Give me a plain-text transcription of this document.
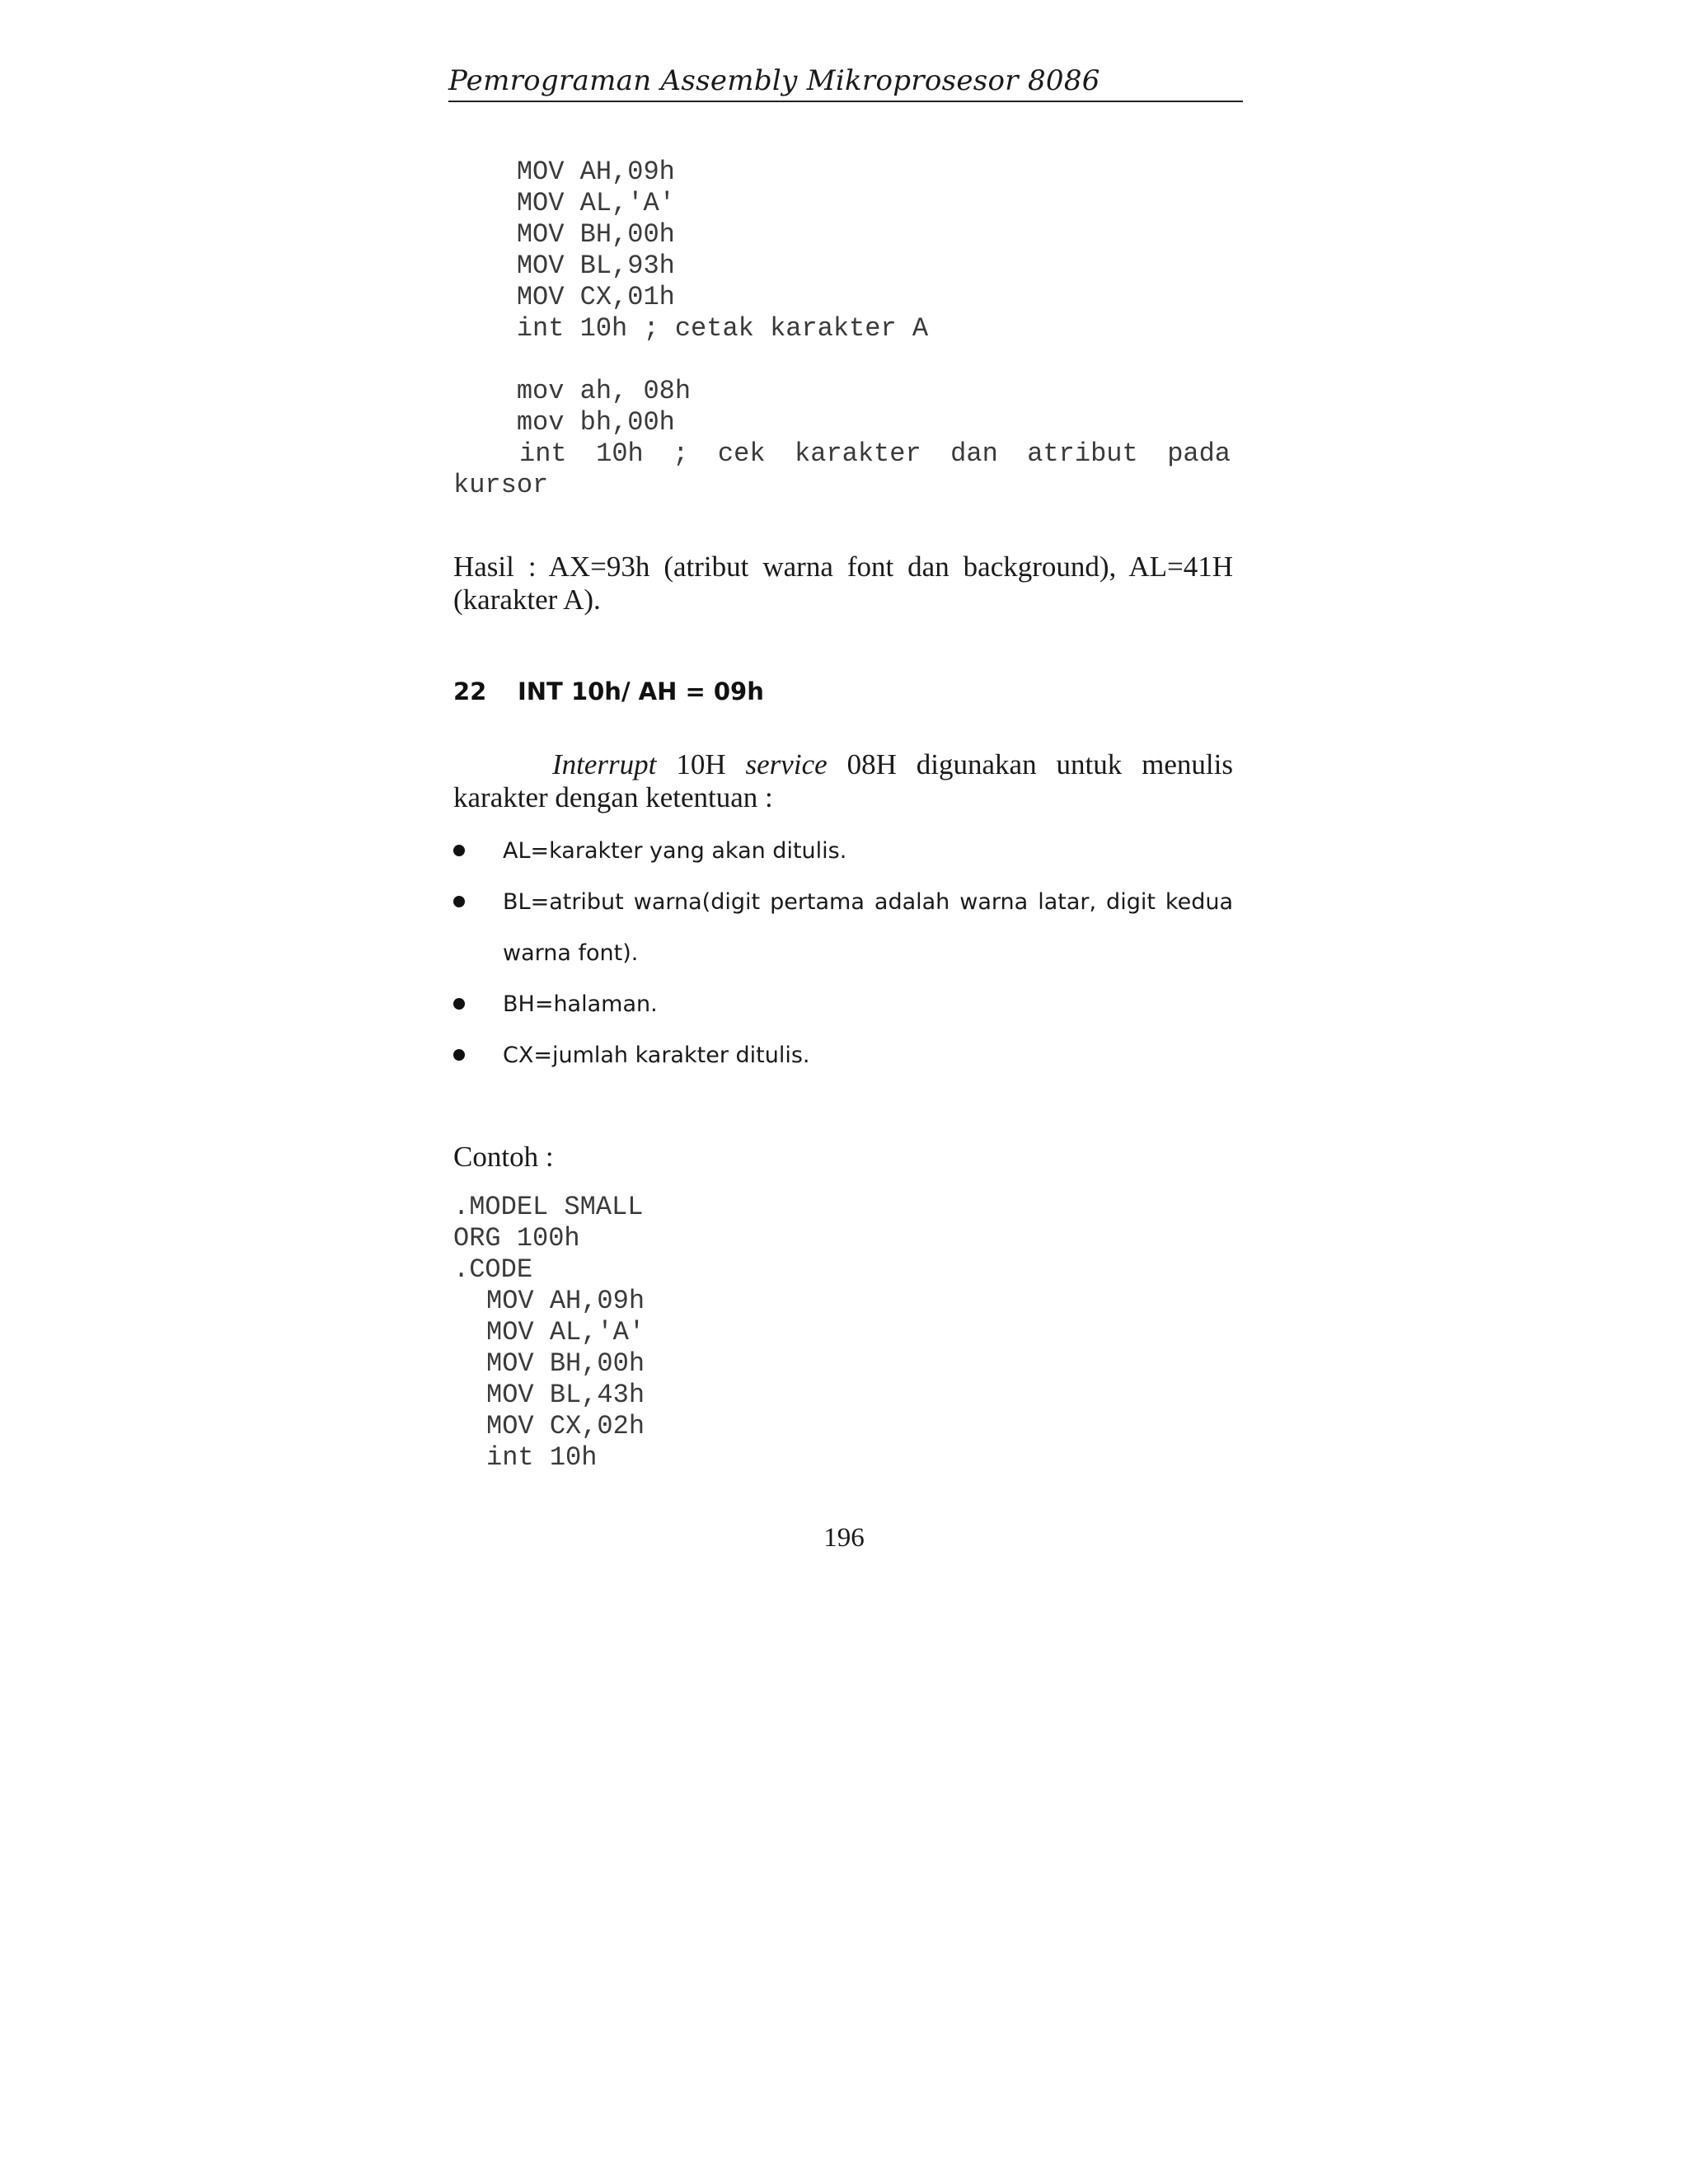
Pemrograman Assembly Mikroprosesor 8086
MOV AH,09h
MOV AL,'A'
MOV BH,00h
MOV BL,93h
MOV CX,01h
int 10h ; cetak karakter A
mov ah, 08h
mov bh,00h
int 10h ; cek karakter dan atribut pada
kursor

Hasil : AX=93h (atribut warna font dan background), AL=41H (karakter A).

22 INT 10h/ AH = 09h

Interrupt 10H service 08H digunakan untuk menulis karakter dengan ketentuan :

AL=karakter yang akan ditulis.
BL=atribut warna(digit pertama adalah warna latar, digit kedua warna font).
BH=halaman.
CX=jumlah karakter ditulis.
Contoh :
.MODEL SMALL
ORG 100h
.CODE
MOV AH,09h
MOV AL,'A'
MOV BH,00h
MOV BL,43h
MOV CX,02h
int 10h
196
